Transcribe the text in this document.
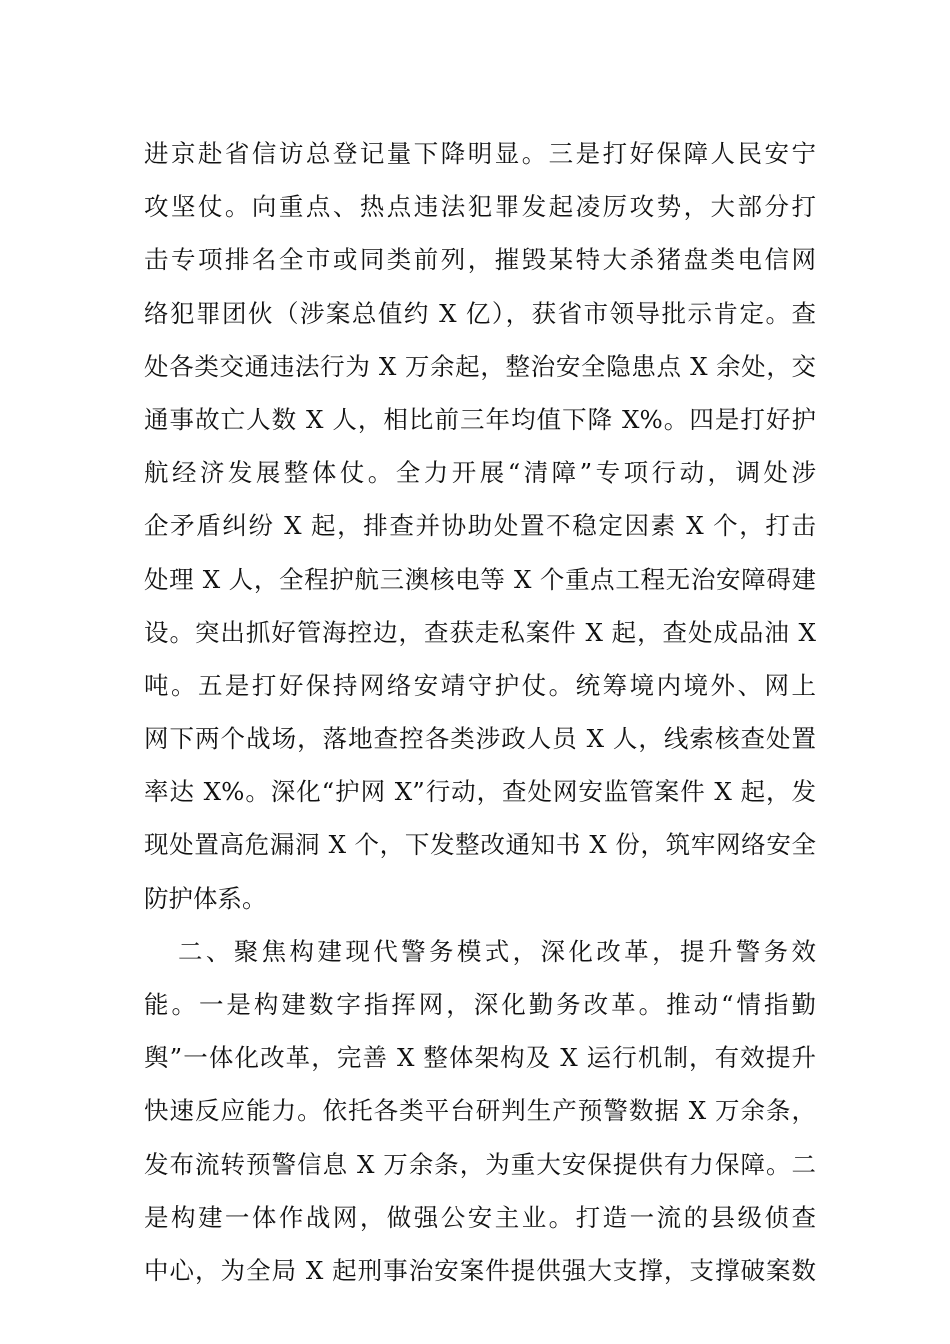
进京赴省信访总登记量下降明显。三是打好保障人民安宁
攻坚仗。向重点、热点违法犯罪发起凌厉攻势，大部分打
击专项排名全市或同类前列，摧毁某特大杀猪盘类电信网
络犯罪团伙（涉案总值约 X 亿），获省市领导批示肯定。查
处各类交通违法行为 X 万余起，整治安全隐患点 X 余处，交
通事故亡人数 X 人，相比前三年均值下降 X%。四是打好护
航经济发展整体仗。全力开展“清障”专项行动，调处涉
企矛盾纠纷 X 起，排查并协助处置不稳定因素 X 个，打击
处理 X 人，全程护航三澳核电等 X 个重点工程无治安障碍建
设。突出抓好管海控边，查获走私案件 X 起，查处成品油 X
吨。五是打好保持网络安靖守护仗。统筹境内境外、网上
网下两个战场，落地查控各类涉政人员 X 人，线索核查处置
率达 X%。深化“护网 X”行动，查处网安监管案件 X 起，发
现处置高危漏洞 X 个，下发整改通知书 X 份，筑牢网络安全
防护体系。
二、聚焦构建现代警务模式，深化改革，提升警务效
能。一是构建数字指挥网，深化勤务改革。推动“情指勤
舆”一体化改革，完善 X 整体架构及 X 运行机制，有效提升
快速反应能力。依托各类平台研判生产预警数据 X 万余条，
发布流转预警信息 X 万余条，为重大安保提供有力保障。二
是构建一体作战网，做强公安主业。打造一流的县级侦查
中心，为全局 X 起刑事治安案件提供强大支撑，支撑破案数
